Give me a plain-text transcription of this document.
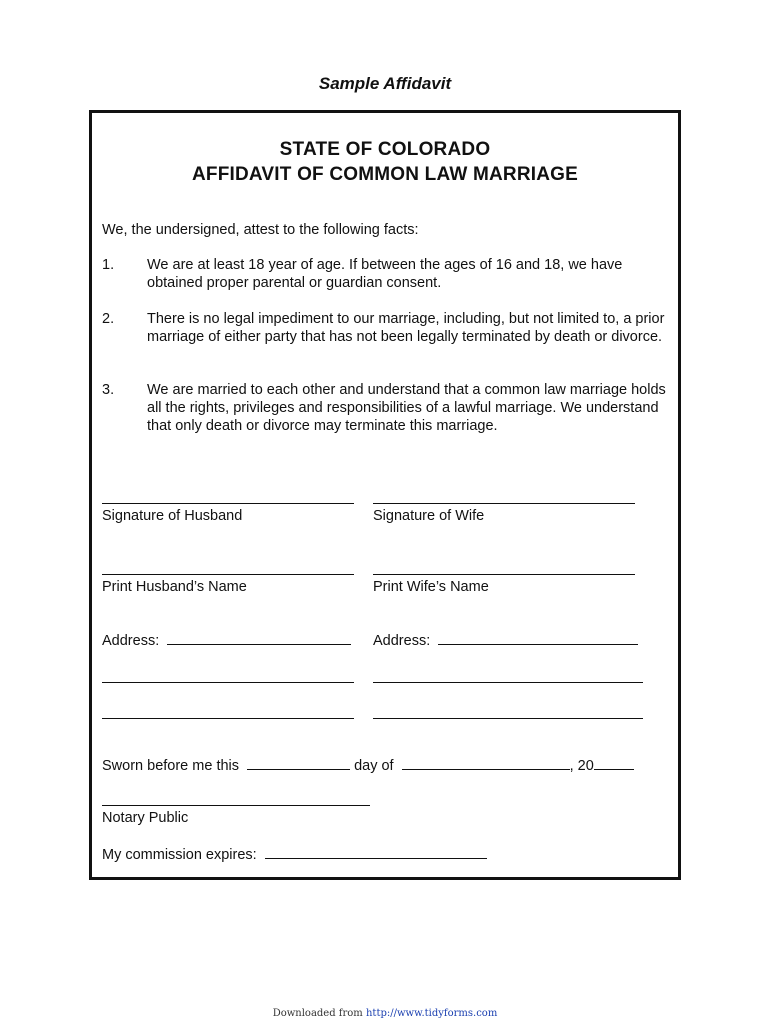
Sample Affidavit
STATE OF COLORADO
AFFIDAVIT OF COMMON LAW MARRIAGE
We, the undersigned, attest to the following facts:
1. We are at least 18 year of age. If between the ages of 16 and 18, we have obtained proper parental or guardian consent.
2. There is no legal impediment to our marriage, including, but not limited to, a prior marriage of either party that has not been legally terminated by death or divorce.
3. We are married to each other and understand that a common law marriage holds all the rights, privileges and responsibilities of a lawful marriage. We understand that only death or divorce may terminate this marriage.
Signature of Husband	Signature of Wife
Print Husband’s Name	Print Wife’s Name
Address:	Address:
Sworn before me this	day of	, 20
Notary Public
My commission expires:
Downloaded from http://www.tidyforms.com
